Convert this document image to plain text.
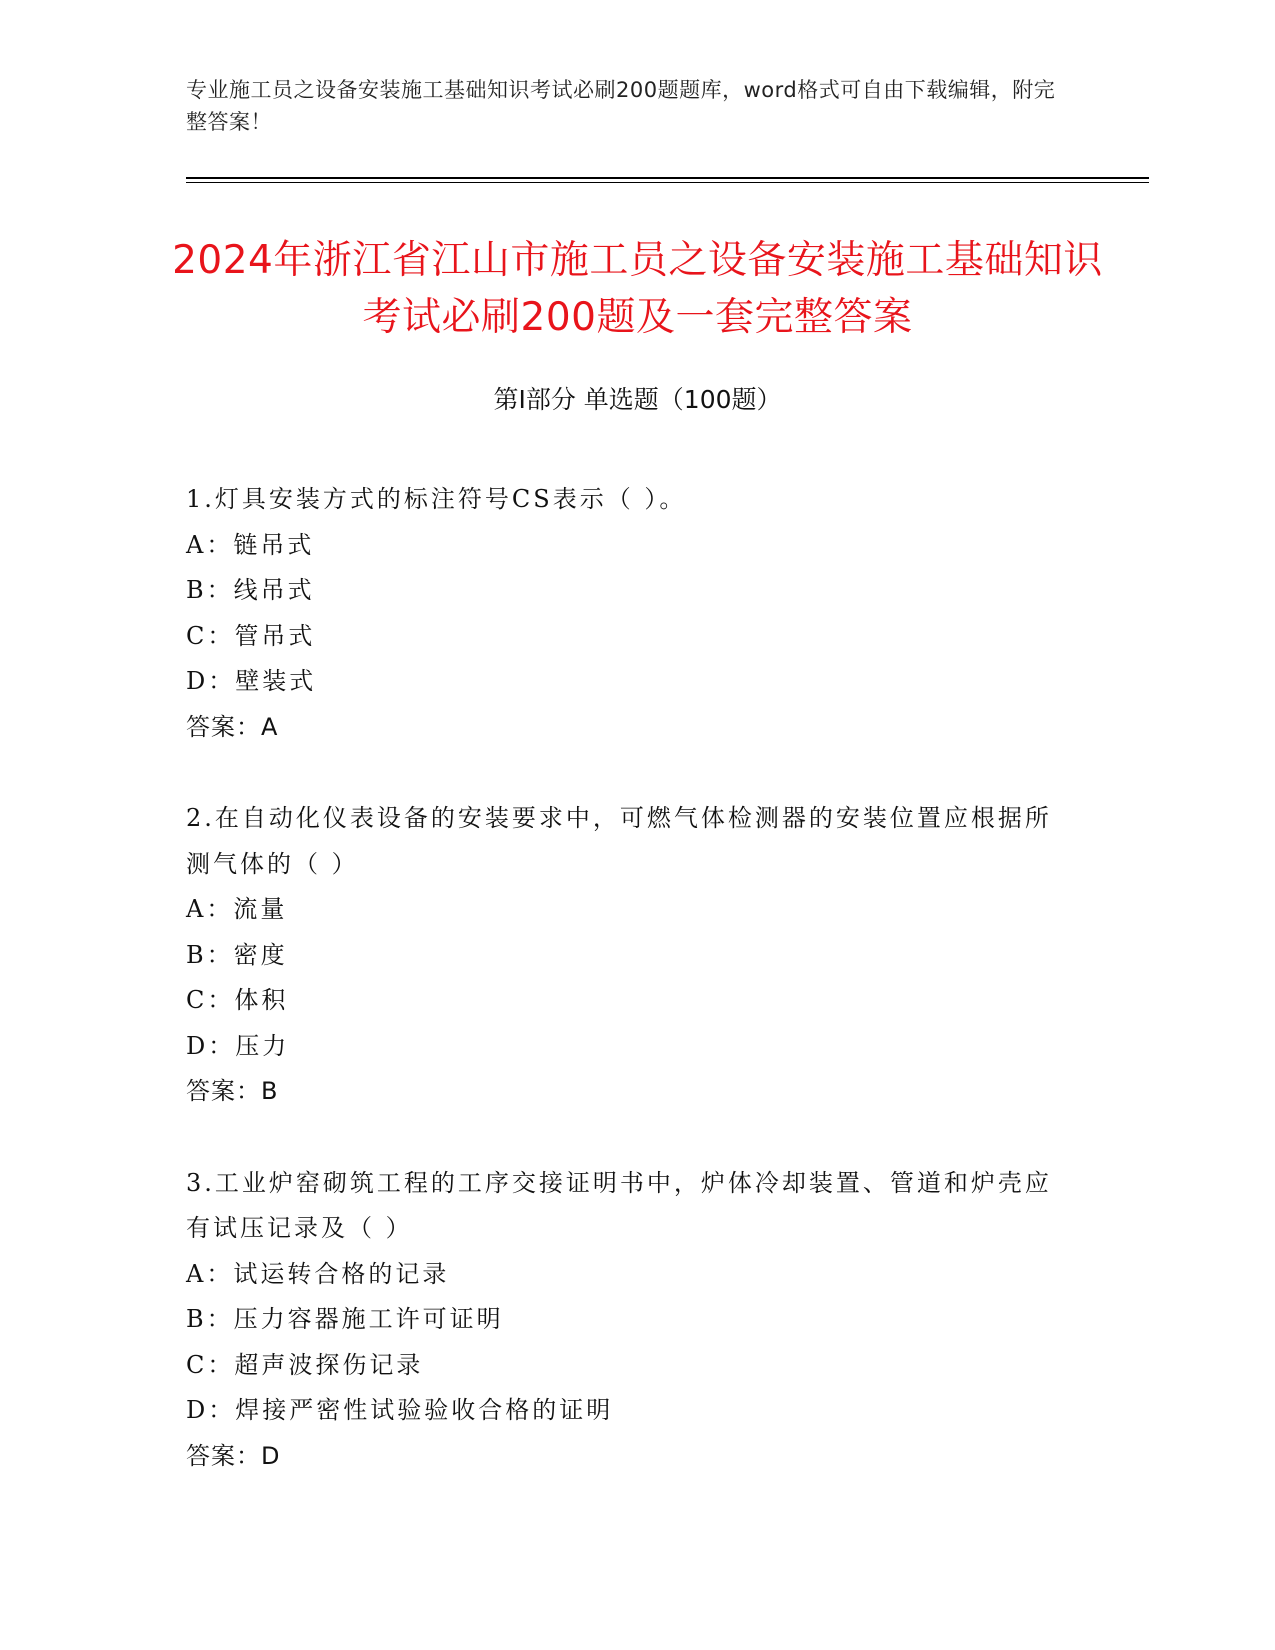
专业施工员之设备安装施工基础知识考试必刷200题题库，word格式可自由下载编辑，附完整答案！
2024年浙江省江山市施工员之设备安装施工基础知识考试必刷200题及一套完整答案
第Ⅰ部分 单选题（100题）
1.灯具安装方式的标注符号CS表示（ ）。
A：链吊式
B：线吊式
C：管吊式
D：壁装式
答案：A
2.在自动化仪表设备的安装要求中，可燃气体检测器的安装位置应根据所测气体的（ ）
A：流量
B：密度
C：体积
D：压力
答案：B
3.工业炉窑砌筑工程的工序交接证明书中，炉体冷却装置、管道和炉壳应有试压记录及（ ）
A：试运转合格的记录
B：压力容器施工许可证明
C：超声波探伤记录
D：焊接严密性试验验收合格的证明
答案：D
